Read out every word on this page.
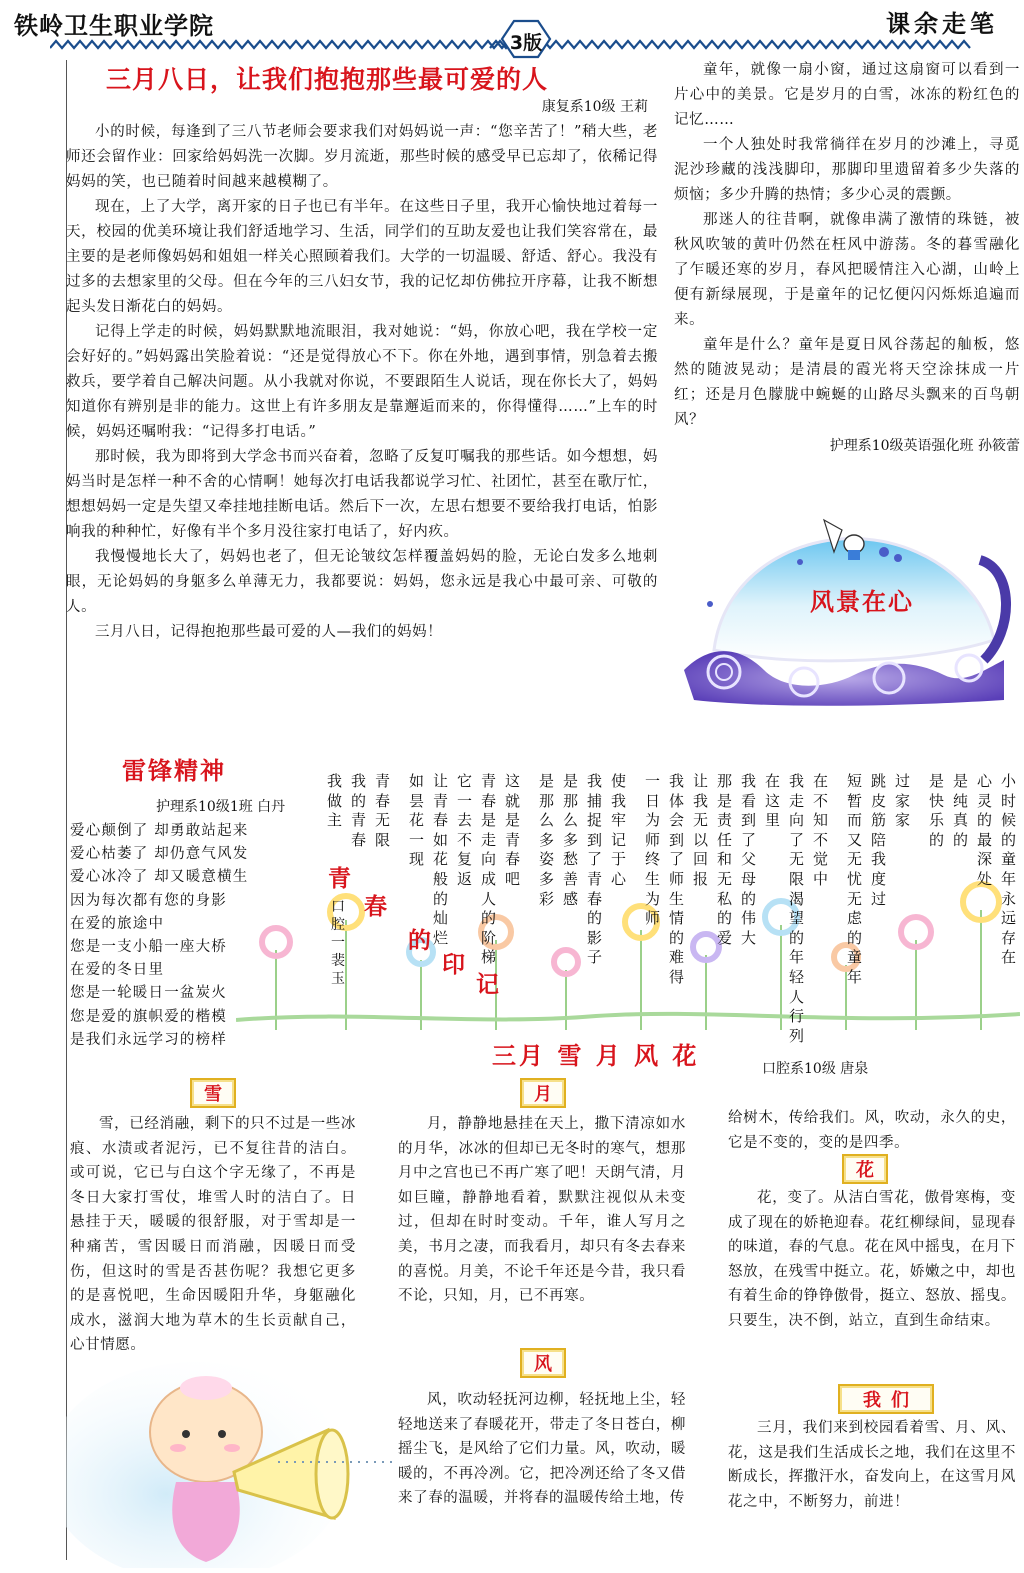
铁岭卫生职业学院
3版
课余走笔
三月八日，让我们抱抱那些最可爱的人
康复系10级 王莉

小的时候，每逢到了三八节老师会要求我们对妈妈说一声：“您辛苦了！”稍大些，老师还会留作业：回家给妈妈洗一次脚。岁月流逝，那些时候的感受早已忘却了，依稀记得妈妈的笑，也已随着时间越来越模糊了。

现在，上了大学，离开家的日子也已有半年。在这些日子里，我开心愉快地过着每一天，校园的优美环境让我们舒适地学习、生活，同学们的互助友爱也让我们笑容常在，最主要的是老师像妈妈和姐姐一样关心照顾着我们。大学的一切温暖、舒适、舒心。我没有过多的去想家里的父母。但在今年的三八妇女节，我的记忆却仿佛拉开序幕，让我不断想起头发日渐花白的妈妈。

记得上学走的时候，妈妈默默地流眼泪，我对她说：“妈，你放心吧，我在学校一定会好好的。”妈妈露出笑脸着说：“还是觉得放心不下。你在外地，遇到事情，别急着去搬救兵，要学着自己解决问题。从小我就对你说，不要跟陌生人说话，现在你长大了，妈妈知道你有辨别是非的能力。这世上有许多朋友是靠邂逅而来的，你得懂得……”上车的时候，妈妈还嘱咐我：“记得多打电话。”

那时候，我为即将到大学念书而兴奋着，忽略了反复叮嘱我的那些话。如今想想，妈妈当时是怎样一种不舍的心情啊！她每次打电话我都说学习忙、社团忙，甚至在歌厅忙，想想妈妈一定是失望又牵挂地挂断电话。然后下一次，左思右想要不要给我打电话，怕影响我的种种忙，好像有半个多月没往家打电话了，好内疚。

我慢慢地长大了，妈妈也老了，但无论皱纹怎样覆盖妈妈的脸，无论白发多么地刺眼，无论妈妈的身躯多么单薄无力，我都要说：妈妈，您永远是我心中最可亲、可敬的人。

三月八日，记得抱抱那些最可爱的人—我们的妈妈！

童年，就像一扇小窗，通过这扇窗可以看到一片心中的美景。它是岁月的白雪，冰冻的粉红色的记忆……

一个人独处时我常徜徉在岁月的沙滩上，寻觅泥沙珍藏的浅浅脚印，那脚印里遗留着多少失落的烦恼；多少升腾的热情；多少心灵的震颤。

那迷人的往昔啊，就像串满了激情的珠链，被秋风吹皱的黄叶仍然在枉风中游荡。冬的暮雪融化了乍暖还寒的岁月，春风把暖情注入心湖，山岭上便有新绿展现，于是童年的记忆便闪闪烁烁追遍而来。

童年是什么？童年是夏日风谷荡起的舢板，悠然的随波晃动；是清晨的霞光将天空涂抹成一片红；还是月色朦胧中蜿蜒的山路尽头飘来的百鸟朝风？

护理系10级英语强化班 孙筱蕾
风景在心
雷锋精神
护理系10级1班 白丹
爱心颠倒了 却勇敢站起来
爱心枯萎了 却仍意气风发
爱心冰冷了 却又暖意横生
因为每次都有您的身影
在爱的旅途中
您是一支小船一座大桥
在爱的冬日里
您是一轮暖日一盆炭火
您是爱的旗帜爱的楷模
是我们永远学习的榜样
青
春
的
印
记
口腔一 裴玉
小时候的童年永远存在
心灵的最深处
是纯真的
是快乐的
过家家
跳皮筋陪我度过
短暂而又无忧无虑的童年
在不知不觉中
我走向了无限渴望的年轻人行列
在这里
我看到了父母的伟大
那是责任和无私的爱
让我无以回报
我体会到了师生情的难得
一日为师终生为师
使我牢记于心
我捕捉到了青春的影子
是那么多愁善感
是那么多姿多彩
这就是青春吧
青春是走向成人的阶梯
它一去不复返
让青春如花般的灿烂
如昙花一现
青春无限
我的青春
我做主
三月 雪 月 风 花	口腔系10级 唐泉
雪

雪，已经消融，剩下的只不过是一些冰痕、水渍或者泥污，已不复往昔的洁白。或可说，它已与白这个字无缘了，不再是冬日大家打雪仗，堆雪人时的洁白了。日悬挂于天，暖暖的很舒服，对于雪却是一种痛苦，雪因暖日而消融，因暖日而受伤，但这时的雪是否甚伤呢？我想它更多的是喜悦吧，生命因暖阳升华，身躯融化成水，滋润大地为草木的生长贡献自己，心甘情愿。

月

月，静静地悬挂在天上，撒下清凉如水的月华，冰冰的但却已无冬时的寒气，想那月中之宫也已不再广寒了吧！天朗气清，月如巨瞳，静静地看着，默默注视似从未变过，但却在时时变动。千年，谁人写月之美，书月之凄，而我看月，却只有冬去春来的喜悦。月美，不论千年还是今昔，我只看不论，只知，月，已不再寒。

风

风，吹动轻抚河边柳，轻抚地上尘，轻轻地送来了春暖花开，带走了冬日苍白，柳摇尘飞，是风给了它们力量。风，吹动，暖暖的，不再冷冽。它，把冷冽还给了冬又借来了春的温暖，并将春的温暖传给土地，传

给树木，传给我们。风，吹动，永久的史，它是不变的，变的是四季。

花

花，变了。从洁白雪花，傲骨寒梅，变成了现在的娇艳迎春。花红柳绿间，显现春的味道，春的气息。花在风中摇曳，在月下怒放，在残雪中挺立。花，娇嫩之中，却也有着生命的铮铮傲骨，挺立、怒放、摇曳。只要生，决不倒，站立，直到生命结束。

我 们

三月，我们来到校园看着雪、月、风、花，这是我们生活成长之地，我们在这里不断成长，挥撒汗水，奋发向上，在这雪月风花之中，不断努力，前进！
